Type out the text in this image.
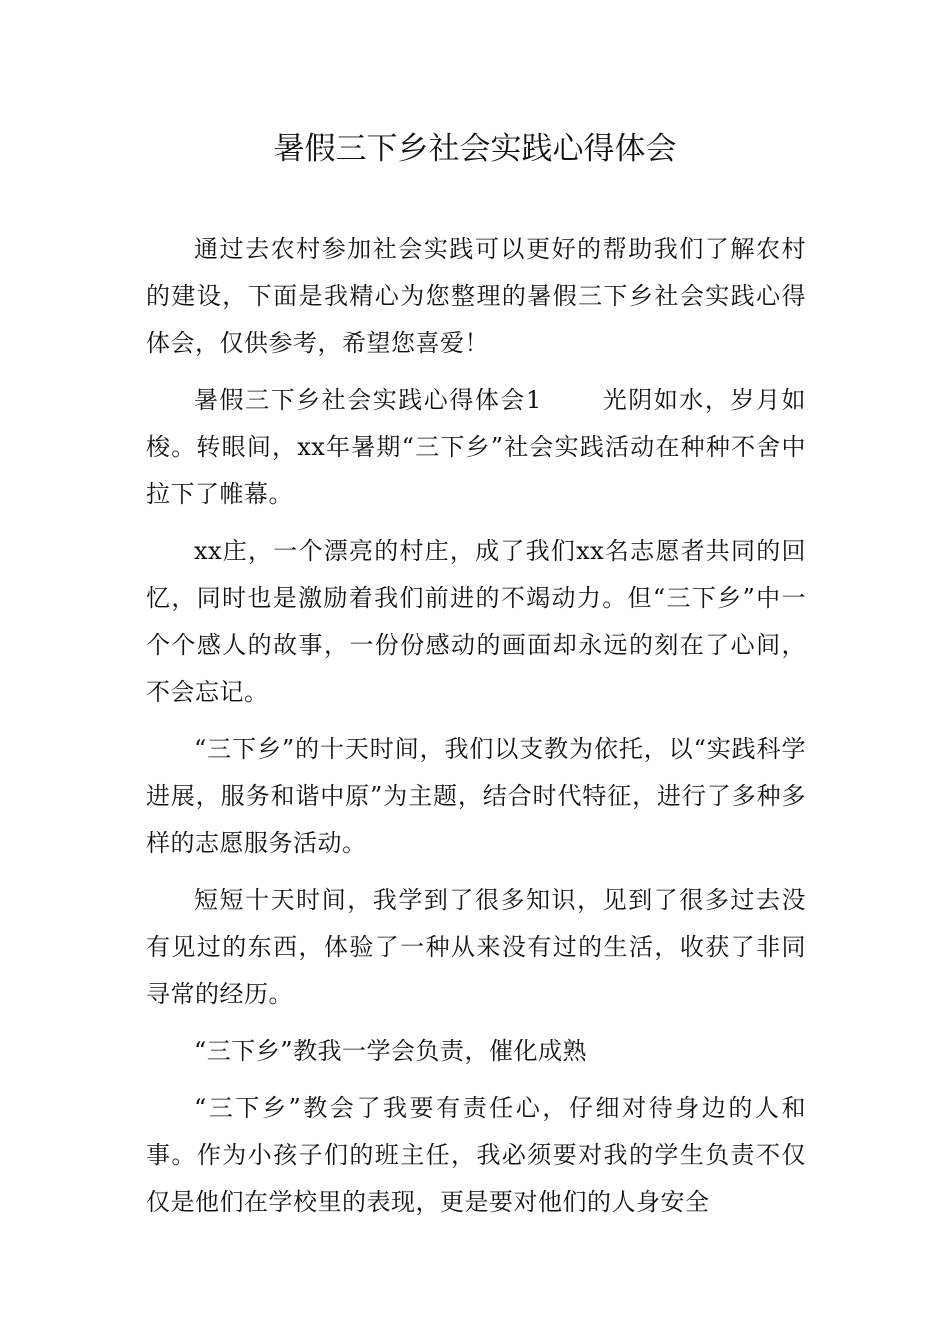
暑假三下乡社会实践心得体会

通过去农村参加社会实践可以更好的帮助我们了解农村的建设，下面是我精心为您整理的暑假三下乡社会实践心得体会，仅供参考，希望您喜爱！

暑假三下乡社会实践心得体会1	光阴如水，岁月如梭。转眼间，xx年暑期“三下乡”社会实践活动在种种不舍中拉下了帷幕。

xx庄，一个漂亮的村庄，成了我们xx名志愿者共同的回忆，同时也是激励着我们前进的不竭动力。但“三下乡”中一个个感人的故事，一份份感动的画面却永远的刻在了心间，不会忘记。

“三下乡”的十天时间，我们以支教为依托，以“实践科学进展，服务和谐中原”为主题，结合时代特征，进行了多种多样的志愿服务活动。

短短十天时间，我学到了很多知识，见到了很多过去没有见过的东西，体验了一种从来没有过的生活，收获了非同寻常的经历。

“三下乡”教我一学会负责，催化成熟

“三下乡”教会了我要有责任心，仔细对待身边的人和事。作为小孩子们的班主任，我必须要对我的学生负责不仅仅是他们在学校里的表现，更是要对他们的人身安全
